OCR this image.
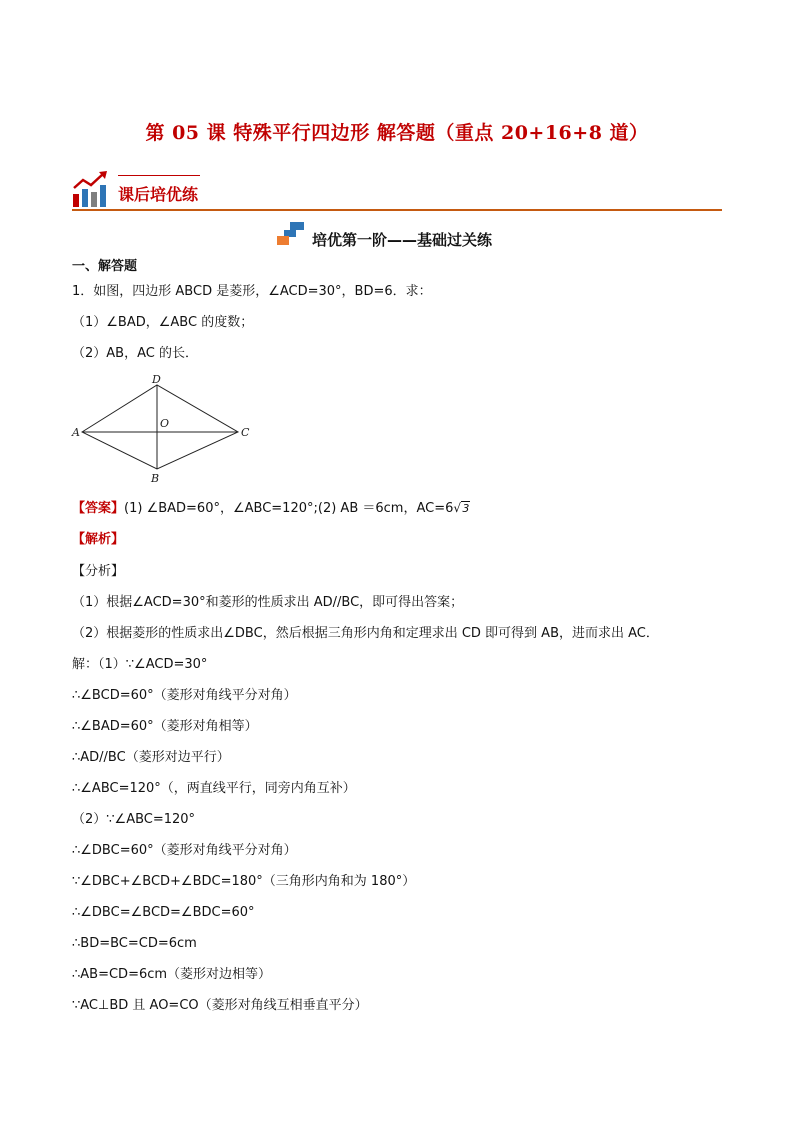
第 05 课 特殊平行四边形 解答题（重点 20+16+8 道）
课后培优练
培优第一阶——基础过关练
一、解答题
1．如图，四边形 ABCD 是菱形，∠ACD=30°，BD=6．求：
（1）∠BAD，∠ABC 的度数；
（2）AB，AC 的长．
A
D
C
B
O
【答案】(1) ∠BAD=60°，∠ABC=120°;(2) AB ＝6cm，AC=6√ 3
【解析】
【分析】
（1）根据∠ACD=30°和菱形的性质求出 AD//BC，即可得出答案；
（2）根据菱形的性质求出∠DBC，然后根据三角形内角和定理求出 CD 即可得到 AB，进而求出 AC．
解：（1）∵∠ACD=30°
∴∠BCD=60°（菱形对角线平分对角）
∴∠BAD=60°（菱形对角相等）
∴AD//BC（菱形对边平行）
∴∠ABC=120°（，两直线平行，同旁内角互补）
（2）∵∠ABC=120°
∴∠DBC=60°（菱形对角线平分对角）
∵∠DBC+∠BCD+∠BDC=180°（三角形内角和为 180°）
∴∠DBC=∠BCD=∠BDC=60°
∴BD=BC=CD=6cm
∴AB=CD=6cm（菱形对边相等）
∵AC⊥BD 且 AO=CO（菱形对角线互相垂直平分）
